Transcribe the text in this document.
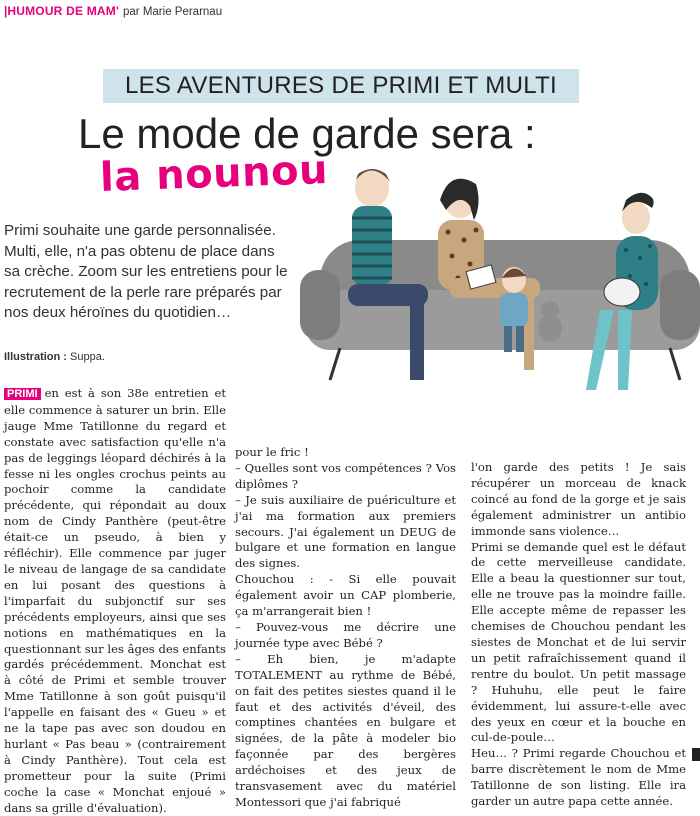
|HUMOUR DE MAM' par Marie Perarnau
LES AVENTURES DE PRIMI ET MULTI
Le mode de garde sera :
la nounou
Primi souhaite une garde personnalisée. Multi, elle, n'a pas obtenu de place dans sa crèche. Zoom sur les entretiens pour le recrutement de la perle rare préparés par nos deux héroïnes du quotidien…
Illustration : Suppa.

PRIMI en est à son 38e entretien et elle commence à saturer un brin. Elle jauge Mme Tatillonne du regard et constate avec satisfaction qu'elle n'a pas de leggings léopard déchirés à la fesse ni les ongles crochus peints au pochoir comme la candidate précédente, qui répondait au doux nom de Cindy Panthère (peut-être était-ce un pseudo, à bien y réfléchir). Elle commence par juger le niveau de langage de sa candidate en lui posant des questions à l'imparfait du subjonctif sur ses précédents employeurs, ainsi que ses notions en mathématiques en la questionnant sur les âges des enfants gardés précédemment. Monchat est à côté de Primi et semble trouver Mme Tatillonne à son goût puisqu'il l'appelle en faisant des « Gueu » et ne la tape pas avec son doudou en hurlant « Pas beau » (contrairement à Cindy Panthère). Tout cela est prometteur pour la suite (Primi coche la case « Monchat enjoué » dans sa grille d'évaluation).

pour le fric !

– Quelles sont vos compétences ? Vos diplômes ?

– Je suis auxiliaire de puériculture et j'ai ma formation aux premiers secours. J'ai également un DEUG de bulgare et une formation en langue des signes.

Chouchou : - Si elle pouvait également avoir un CAP plomberie, ça m'arrangerait bien !

– Pouvez-vous me décrire une journée type avec Bébé ?

– Eh bien, je m'adapte TOTALEMENT au rythme de Bébé, on fait des petites siestes quand il le faut et des activités d'éveil, des comptines chantées en bulgare et signées, de la pâte à modeler bio façonnée par des bergères ardéchoises et des jeux de transvasement avec du matériel Montessori que j'ai fabriqué

l'on garde des petits ! Je sais récupérer un morceau de knack coincé au fond de la gorge et je sais également administrer un antibio immonde sans violence…

Primi se demande quel est le défaut de cette merveilleuse candidate. Elle a beau la questionner sur tout, elle ne trouve pas la moindre faille. Elle accepte même de repasser les chemises de Chouchou pendant les siestes de Monchat et de lui servir un petit rafraîchissement quand il rentre du boulot. Un petit massage ? Huhuhu, elle peut le faire évidemment, lui assure-t-elle avec des yeux en cœur et la bouche en cul-de-poule…

Heu… ? Primi regarde Chouchou et barre discrètement le nom de Mme Tatillonne de son listing. Elle ira garder un autre papa cette année.
